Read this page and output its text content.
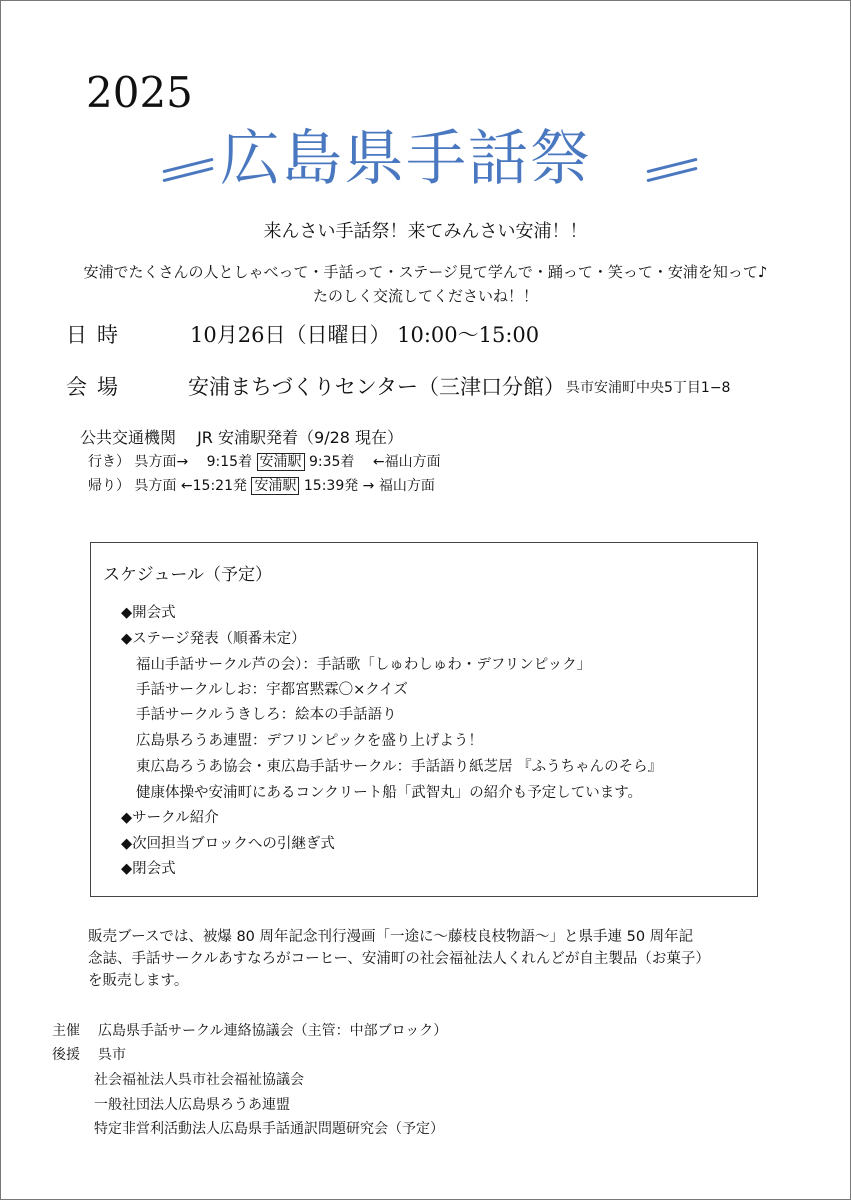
2025
広島県手話祭
来んさい手話祭！来てみんさい安浦！！
安浦でたくさんの人としゃべって・手話って・ステージ見て学んで・踊って・笑って・安浦を知って♪
たのしく交流してくださいね！！
日時	10月26日（日曜日） 10:00〜15:00
会場	安浦まちづくりセンター（三津口分館） 呉市安浦町中央5丁目1−8
公共交通機関　 JR 安浦駅発着（9/28 現在）
行き） 呉方面→　 9:15着 安浦駅 9:35着　 ←福山方面
帰り） 呉方面 ←15:21発 安浦駅 15:39発 → 福山方面
スケジュール（予定）
◆開会式
◆ステージ発表（順番未定）
福山手話サークル芦の会）：手話歌「しゅわしゅわ・デフリンピック」
手話サークルしお：宇都宮黙霖〇×クイズ
手話サークルうきしろ：絵本の手話語り
広島県ろうあ連盟：デフリンピックを盛り上げよう！
東広島ろうあ協会・東広島手話サークル：手話語り紙芝居 『ふうちゃんのそら』
健康体操や安浦町にあるコンクリート船「武智丸」の紹介も予定しています。
◆サークル紹介
◆次回担当ブロックへの引継ぎ式
◆閉会式

販売ブースでは、被爆 80 周年記念刊行漫画「一途に〜藤枝良枝物語〜」と県手連 50 周年記

念誌、手話サークルあすなろがコーヒー、安浦町の社会福祉法人くれんどが自主製品（お菓子）

を販売します。

主催 広島県手話サークル連絡協議会（主管：中部ブロック）
後援 呉市
社会福祉法人呉市社会福祉協議会
一般社団法人広島県ろうあ連盟
特定非営利活動法人広島県手話通訳問題研究会（予定）
